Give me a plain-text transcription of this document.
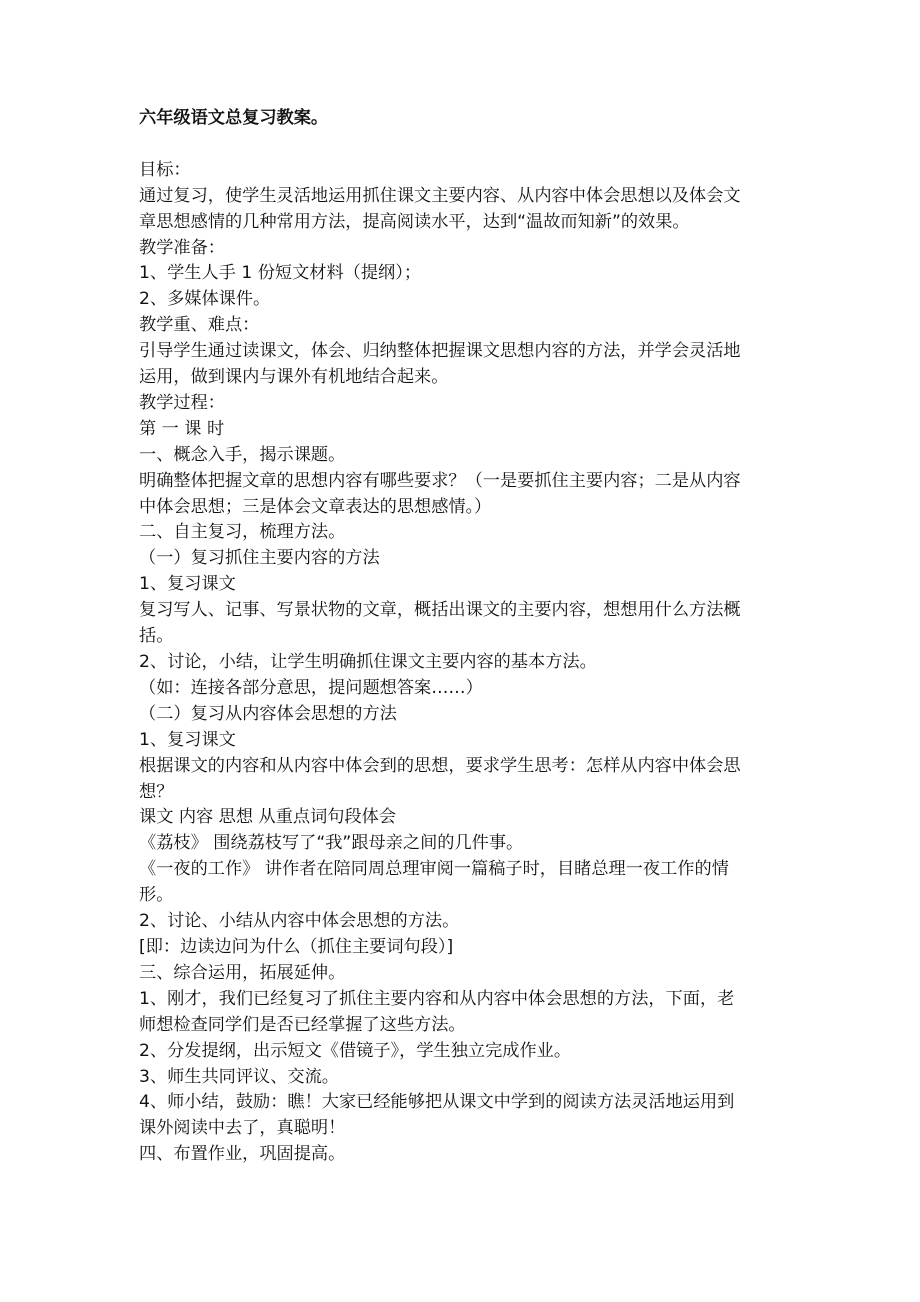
六年级语文总复习教案。
目标：
通过复习，使学生灵活地运用抓住课文主要内容、从内容中体会思想以及体会文
章思想感情的几种常用方法，提高阅读水平，达到“温故而知新”的效果。
教学准备：
1、学生人手 1 份短文材料（提纲）；
2、多媒体课件。
教学重、难点：
引导学生通过读课文，体会、归纳整体把握课文思想内容的方法，并学会灵活地
运用，做到课内与课外有机地结合起来。
教学过程：
第 一 课 时
一、概念入手，揭示课题。
明确整体把握文章的思想内容有哪些要求？（一是要抓住主要内容；二是从内容
中体会思想；三是体会文章表达的思想感情。）
二、自主复习，梳理方法。
（一）复习抓住主要内容的方法
1、复习课文
复习写人、记事、写景状物的文章，概括出课文的主要内容，想想用什么方法概
括。
2、讨论，小结，让学生明确抓住课文主要内容的基本方法。
（如：连接各部分意思，提问题想答案……）
（二）复习从内容体会思想的方法
1、复习课文
根据课文的内容和从内容中体会到的思想，要求学生思考：怎样从内容中体会思
想？
课文 内容 思想 从重点词句段体会
《荔枝》 围绕荔枝写了“我”跟母亲之间的几件事。
《一夜的工作》 讲作者在陪同周总理审阅一篇稿子时，目睹总理一夜工作的情
形。
2、讨论、小结从内容中体会思想的方法。
[即：边读边问为什么（抓住主要词句段）]
三、综合运用，拓展延伸。
1、刚才，我们已经复习了抓住主要内容和从内容中体会思想的方法，下面，老
师想检查同学们是否已经掌握了这些方法。
2、分发提纲，出示短文《借镜子》，学生独立完成作业。
3、师生共同评议、交流。
4、师小结，鼓励：瞧！大家已经能够把从课文中学到的阅读方法灵活地运用到
课外阅读中去了，真聪明！
四、布置作业，巩固提高。
